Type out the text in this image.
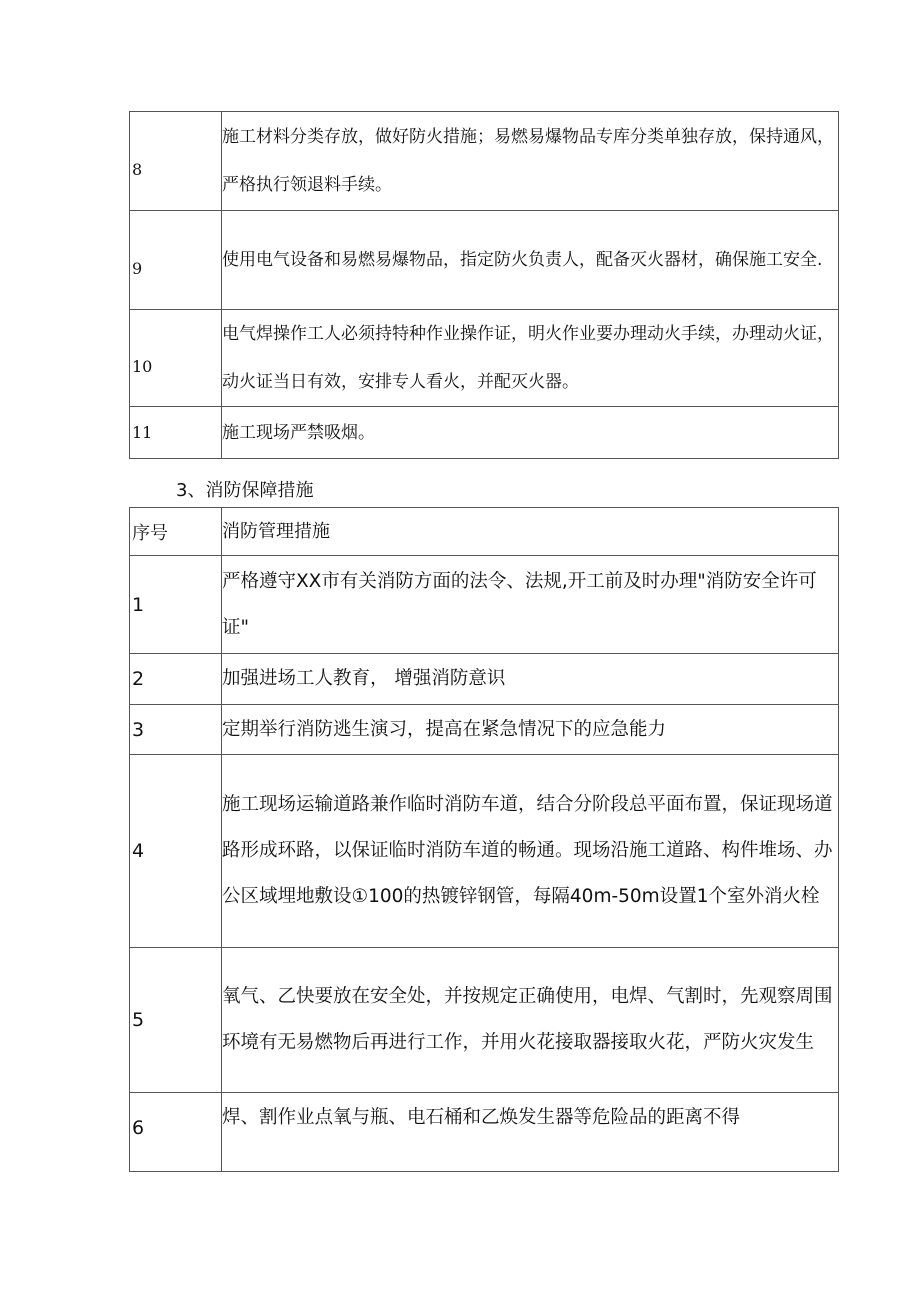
8	施工材料分类存放，做好防火措施；易燃易爆物品专库分类单独存放，保持通风，严格执行领退料手续。
9	使用电气设备和易燃易爆物品，指定防火负责人，配备灭火器材，确保施工安全.
10	电气焊操作工人必须持特种作业操作证，明火作业要办理动火手续，办理动火证，动火证当日有效，安排专人看火，并配灭火器。
11	施工现场严禁吸烟。
3、消防保障措施
序号	消防管理措施
1	严格遵守XX市有关消防方面的法令、法规,开工前及时办理"消防安全许可证"
2	加强进场工人教育， 增强消防意识
3	定期举行消防逃生演习，提高在紧急情况下的应急能力
4	施工现场运输道路兼作临时消防车道，结合分阶段总平面布置，保证现场道路形成环路，以保证临时消防车道的畅通。现场沿施工道路、构件堆场、办公区域埋地敷设①100的热镀锌钢管，每隔40m-50m设置1个室外消火栓
5	氧气、乙快要放在安全处，并按规定正确使用，电焊、气割时，先观察周围环境有无易燃物后再进行工作，并用火花接取器接取火花，严防火灾发生
6	焊、割作业点氧与瓶、电石桶和乙焕发生器等危险品的距离不得
